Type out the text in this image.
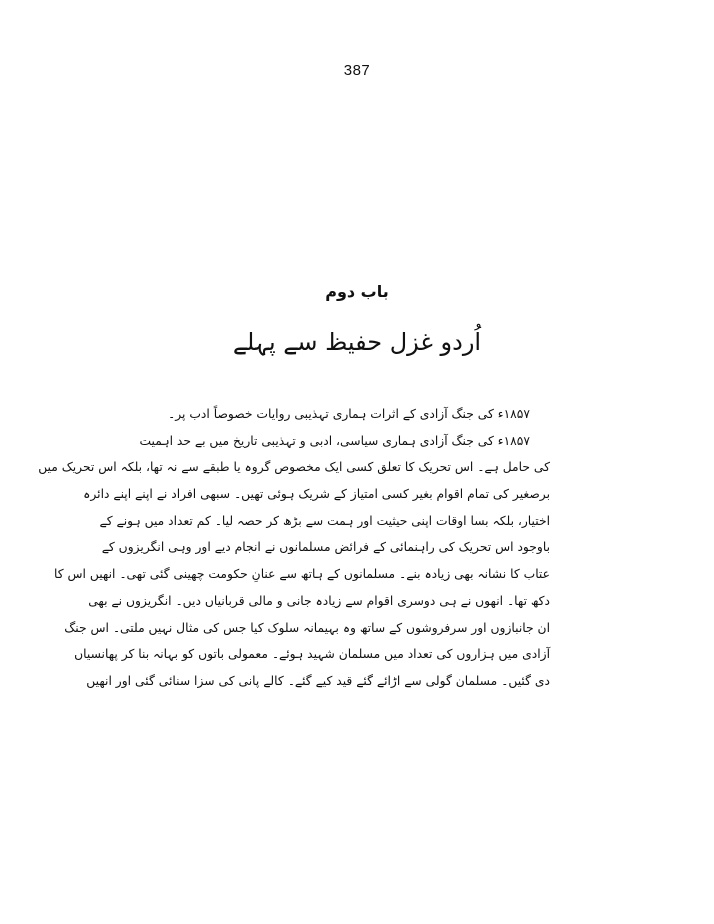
387
باب دوم
اُردو غزل حفیظ سے پہلے
۱۸۵۷ء کی جنگ آزادی کے اثرات ہماری تہذیبی روایات خصوصاً ادب پر۔
۱۸۵۷ء کی جنگ آزادی ہماری سیاسی، ادبی و تہذیبی تاریخ میں بے حد اہمیت
کی حامل ہے۔ اس تحریک کا تعلق کسی ایک مخصوص گروہ یا طبقے سے نہ تھا، بلکہ اس تحریک میں
برصغیر کی تمام اقوام بغیر کسی امتیاز کے شریک ہوئی تھیں۔ سبھی افراد نے اپنے اپنے دائرہ
اختیار، بلکہ بسا اوقات اپنی حیثیت اور ہمت سے بڑھ کر حصہ لیا۔ کم تعداد میں ہونے کے
باوجود اس تحریک کی راہنمائی کے فرائض مسلمانوں نے انجام دیے اور وہی انگریزوں کے
عتاب کا نشانہ بھی زیادہ بنے۔ مسلمانوں کے ہاتھ سے عنانِ حکومت چھینی گئی تھی۔ انھیں اس کا
دکھ تھا۔ انھوں نے ہی دوسری اقوام سے زیادہ جانی و مالی قربانیاں دیں۔ انگریزوں نے بھی
ان جانبازوں اور سرفروشوں کے ساتھ وہ بہیمانہ سلوک کیا جس کی مثال نہیں ملتی۔ اس جنگ
آزادی میں ہزاروں کی تعداد میں مسلمان شہید ہوئے۔ معمولی باتوں کو بہانہ بنا کر پھانسیاں
دی گئیں۔ مسلمان گولی سے اڑائے گئے قید کیے گئے۔ کالے پانی کی سزا سنائی گئی اور انھیں
